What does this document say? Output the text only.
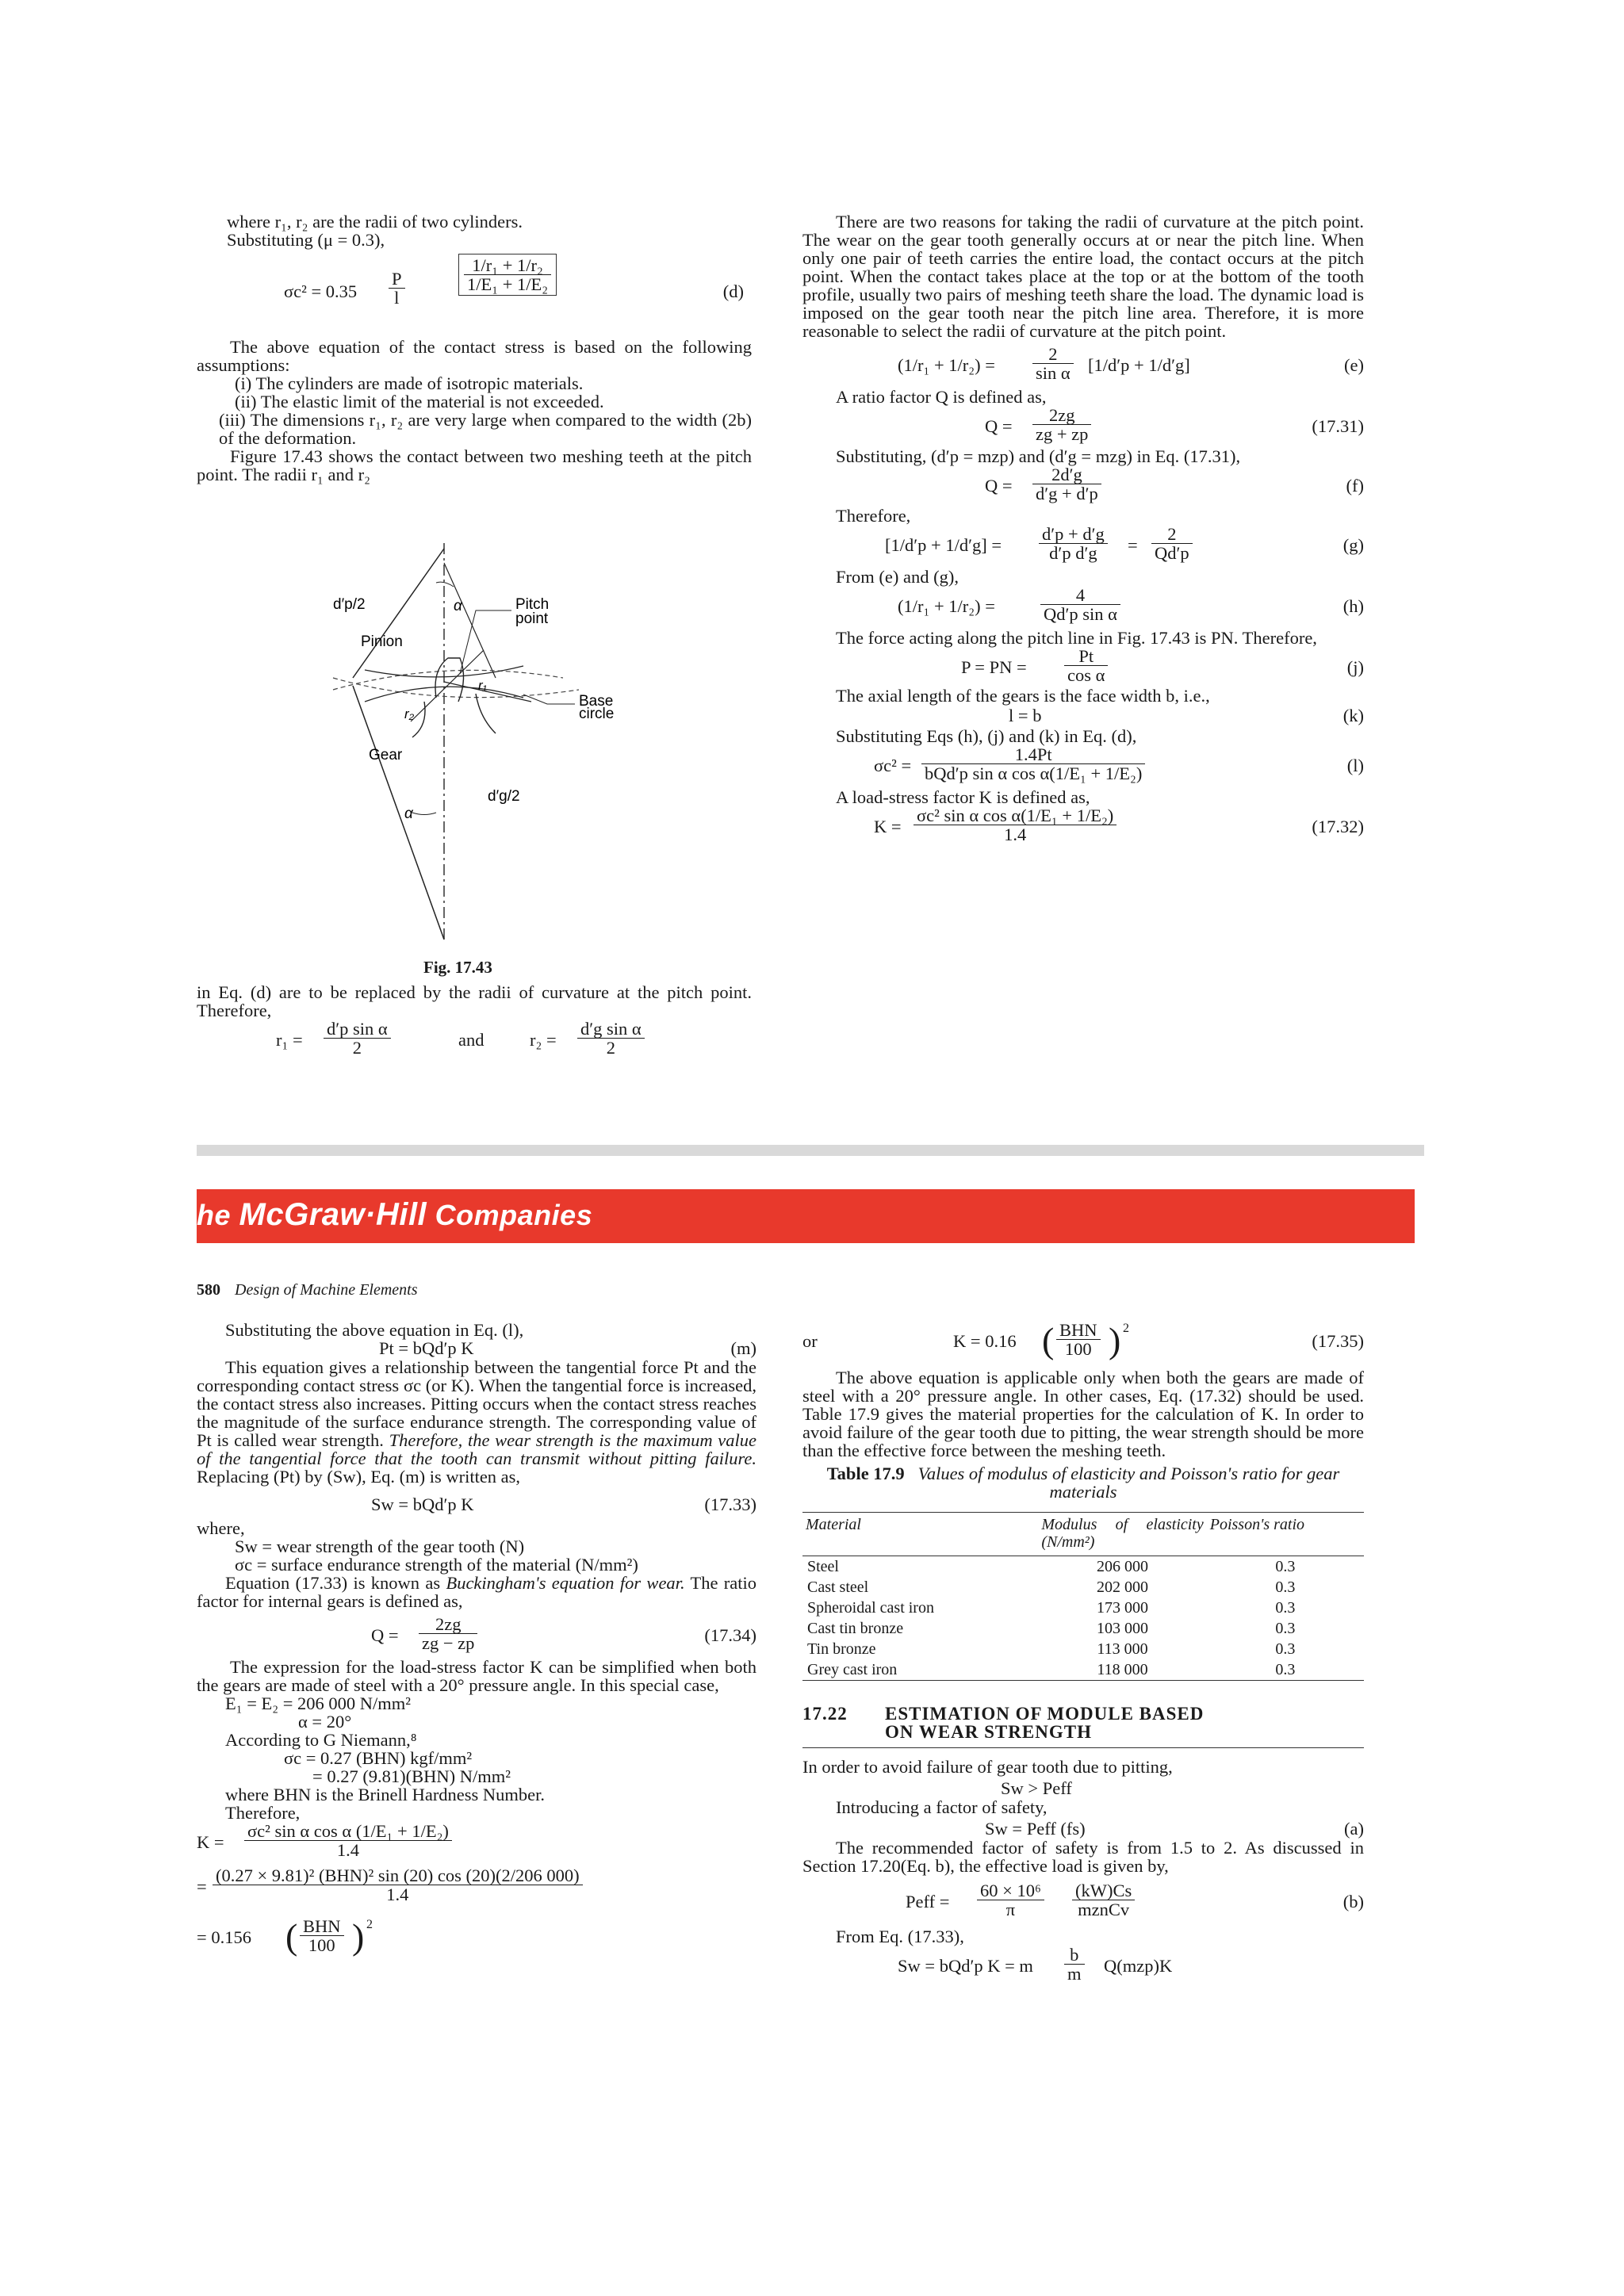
where r₁, r₂ are the radii of two cylinders.

Substituting (μ = 0.3),

$\sigma c^2 = 0.35 \frac{P}{l}$	$\frac{\text{1/r₁ + 1/r₂}}{\text{1/E₁ + 1/E₂}}$	(d)

The above equation of the contact stress is based on the following assumptions:

(i) The cylinders are made of isotropic materials.

(ii) The elastic limit of the material is not exceeded.

(iii) The dimensions r₁, r₂ are very large when compared to the width (2b) of the deformation.

Figure 17.43 shows the contact between two meshing teeth at the pitch point. The radii r₁ and r₂

d′p/2	α	Pitch
point
Pinion
r₁
Base
circle
r₂
Gear
d′g/2
α
Fig. 17.43

in Eq. (d) are to be replaced by the radii of curvature at the pitch point. Therefore,

$r_1 = \frac{\text{d′p sin α}}{2}$	and	$r_2 = \frac{\text{d′g sin α}}{2}$

There are two reasons for taking the radii of curvature at the pitch point. The wear on the gear tooth generally occurs at or near the pitch line. When only one pair of teeth carries the entire load, the contact occurs at the pitch point. When the contact takes place at the top or at the bottom of the tooth profile, usually two pairs of meshing teeth share the load. The dynamic load is imposed on the gear tooth near the pitch line area. Therefore, it is more reasonable to select the radii of curvature at the pitch point.

$(1/r_1 + 1/r_2) = \frac{2}{\text{sin α}} [1/d'p + 1/d'g]$	(e)

A ratio factor Q is defined as,

$Q = \frac{2zg}{zg + zp}$	(17.31)

Substituting, (d′p = mzp) and (d′g = mzg) in Eq. (17.31),

$Q = \frac{2d'g}{d'g + d'p}$	(f)

Therefore,

$[1/d'p + 1/d'g] = \frac{d'p + d'g}{\text{d′p d′g}} = \frac{2}{Qd'p}$	(g)

From (e) and (g),

(1/r₁ + 1/r₂) =	$\frac{4}{\text{Qd′p sin α}}$	(h)

The force acting along the pitch line in Fig. 17.43 is PN. Therefore,

P = PN = $\frac{Pt}{\text{cos α}}$	(j)

The axial length of the gears is the face width b, i.e.,

l = b	(k)

Substituting Eqs (h), (j) and (k) in Eq. (d),

σc² =
1.4Pt
bQd′p sin α cos α(1/E₁ + 1/E₂)	(l)

A load-stress factor K is defined as,

$K = \frac{\text{σc² sin α cos α(1/E₁ + 1/E₂)}}{1.4}$	(17.32)
he McGraw·Hill Companies
580 Design of Machine Elements

Substituting the above equation in Eq. (l),

Pt = bQd′p K	(m)

This equation gives a relationship between the tangential force Pt and the corresponding contact stress σc (or K). When the tangential force is increased, the contact stress also increases. Pitting occurs when the contact stress reaches the magnitude of the surface endurance strength. The corresponding value of Pt is called wear strength. Therefore, the wear strength is the maximum value of the tangential force that the tooth can transmit without pitting failure. Replacing (Pt) by (Sw), Eq. (m) is written as,

Sw = bQd′p K	(17.33)

where,

Sw = wear strength of the gear tooth (N)

σc = surface endurance strength of the material (N/mm²)

Equation (17.33) is known as Buckingham's equation for wear. The ratio factor for internal gears is defined as,

$Q = \frac{2zg}{zg - zp}$	(17.34)

The expression for the load-stress factor K can be simplified when both the gears are made of steel with a 20° pressure angle. In this special case,

E₁ = E₂ = 206 000 N/mm²

α = 20°

According to G Niemann,⁸

σc = 0.27 (BHN) kgf/mm²

= 0.27 (9.81)(BHN) N/mm²

where BHN is the Brinell Hardness Number.

Therefore,

$K = \frac{\text{σc² sin α cos α (1/E₁ + 1/E₂)}}{1.4}$
=
(0.27 × 9.81)² (BHN)² sin (20) cos (20)(2/206 000)
1.4
= 0.156 ( BHN
100 ) 2
or	K = 0.16 ( BHN
100 ) 2
(17.35)

The above equation is applicable only when both the gears are made of steel with a 20° pressure angle. In other cases, Eq. (17.32) should be used. Table 17.9 gives the material properties for the calculation of K. In order to avoid failure of the gear tooth due to pitting, the wear strength should be more than the effective force between the meshing teeth.

Table 17.9 Values of modulus of elasticity and Poisson's ratio for gear materials

Material	Modulus of elasticity (N/mm²)	Poisson's ratio
Steel	206 000	0.3
Cast steel	202 000	0.3
Spheroidal cast iron	173 000	0.3
Cast tin bronze	103 000	0.3
Tin bronze	113 000	0.3
Grey cast iron	118 000	0.3
17.22	ESTIMATION OF MODULE BASED
ON WEAR STRENGTH

In order to avoid failure of gear tooth due to pitting,

Sw > Peff

Introducing a factor of safety,

Sw = Peff (fs)	(a)

The recommended factor of safety is from 1.5 to 2. As discussed in Section 17.20(Eq. b), the effective load is given by,

Peff = $\frac{\text{60 × 10⁶}}{\pi} (kW)Cs$
mznCv	(b)

From Eq. (17.33),

Sw = bQd′p K = m $\frac{b}{m} Q(mzp)K$
